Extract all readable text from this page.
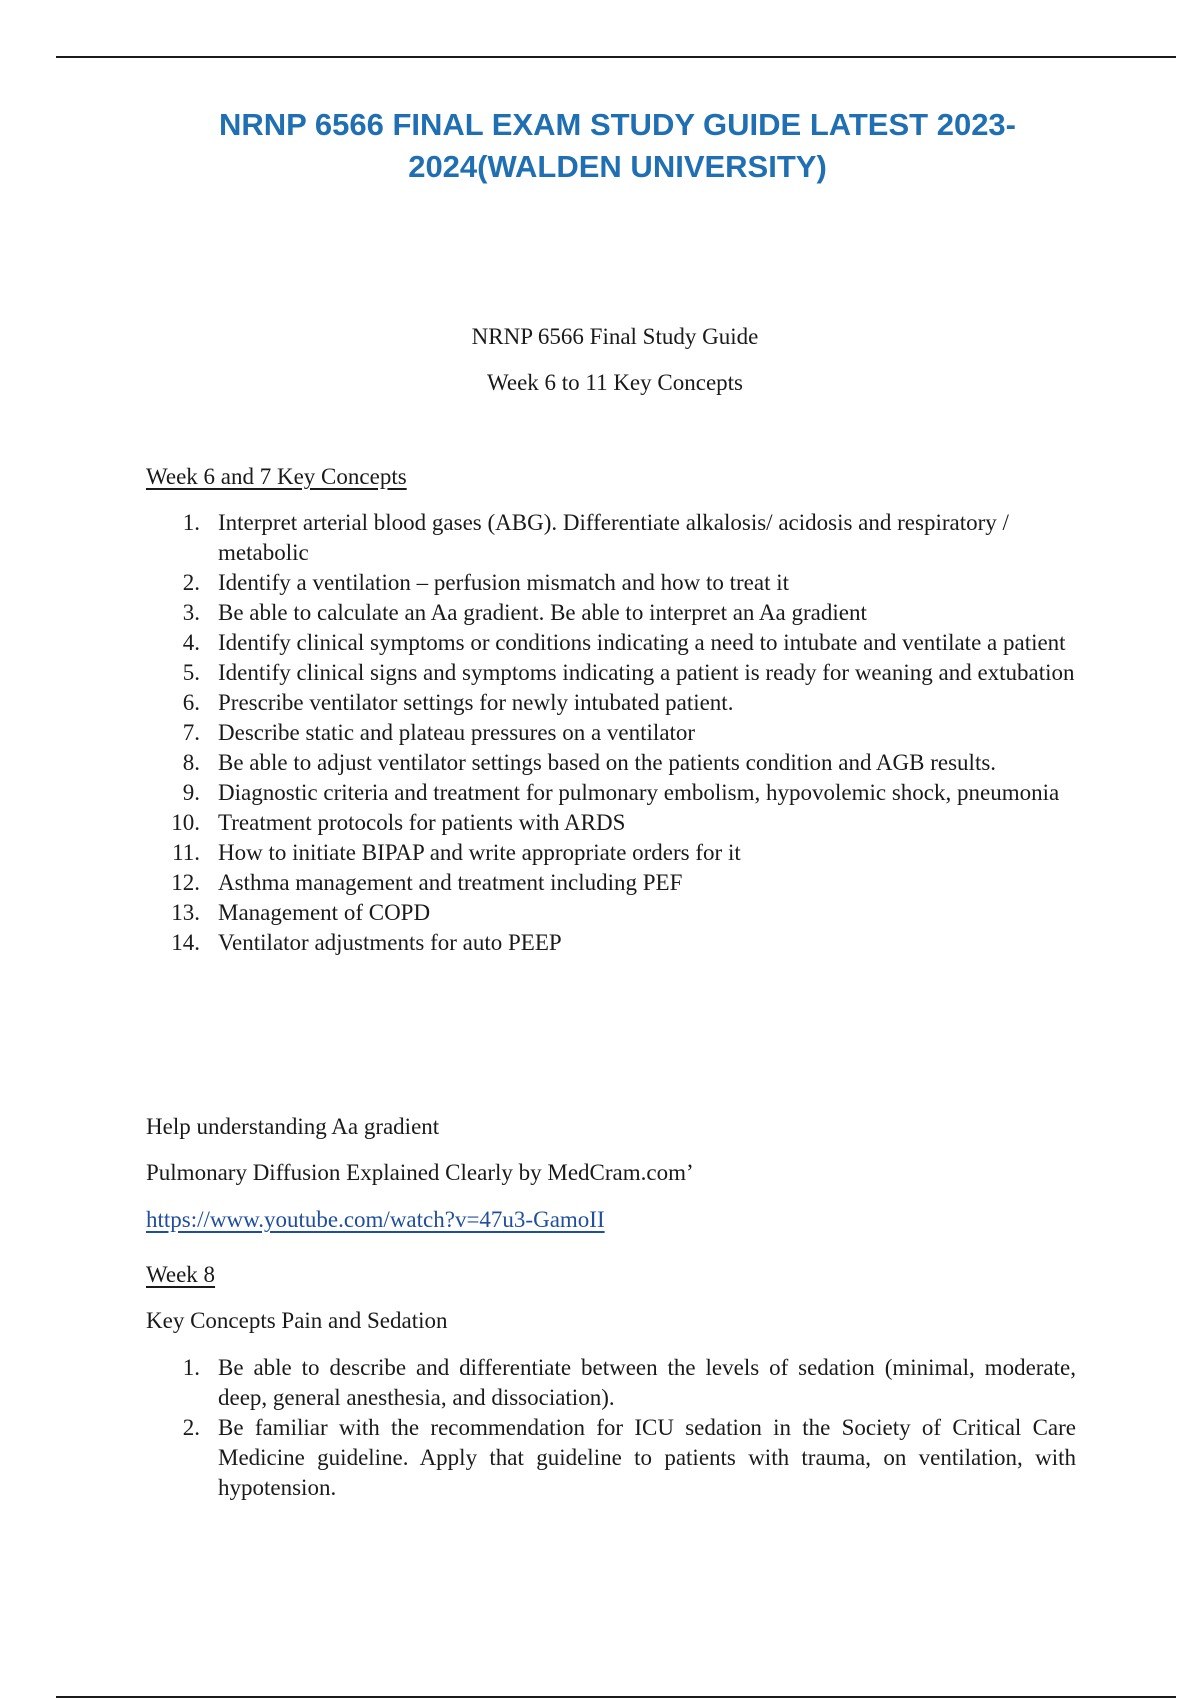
NRNP 6566 FINAL EXAM STUDY GUIDE LATEST 2023-
2024(WALDEN UNIVERSITY)
NRNP 6566 Final Study Guide
Week 6 to 11 Key Concepts
Week 6 and 7 Key Concepts
1. Interpret arterial blood gases (ABG). Differentiate alkalosis/ acidosis and respiratory / metabolic
2. Identify a ventilation – perfusion mismatch and how to treat it
3. Be able to calculate an Aa gradient. Be able to interpret an Aa gradient
4. Identify clinical symptoms or conditions indicating a need to intubate and ventilate a patient
5. Identify clinical signs and symptoms indicating a patient is ready for weaning and extubation
6. Prescribe ventilator settings for newly intubated patient.
7. Describe static and plateau pressures on a ventilator
8. Be able to adjust ventilator settings based on the patients condition and AGB results.
9. Diagnostic criteria and treatment for pulmonary embolism, hypovolemic shock, pneumonia
10. Treatment protocols for patients with ARDS
11. How to initiate BIPAP and write appropriate orders for it
12. Asthma management and treatment including PEF
13. Management of COPD
14. Ventilator adjustments for auto PEEP
Help understanding Aa gradient
Pulmonary Diffusion Explained Clearly by MedCram.com’
https://www.youtube.com/watch?v=47u3-GamoII
Week 8
Key Concepts Pain and Sedation
1. Be able to describe and differentiate between the levels of sedation (minimal, moderate, deep, general anesthesia, and dissociation).
2. Be familiar with the recommendation for ICU sedation in the Society of Critical Care Medicine guideline. Apply that guideline to patients with trauma, on ventilation, with hypotension.
